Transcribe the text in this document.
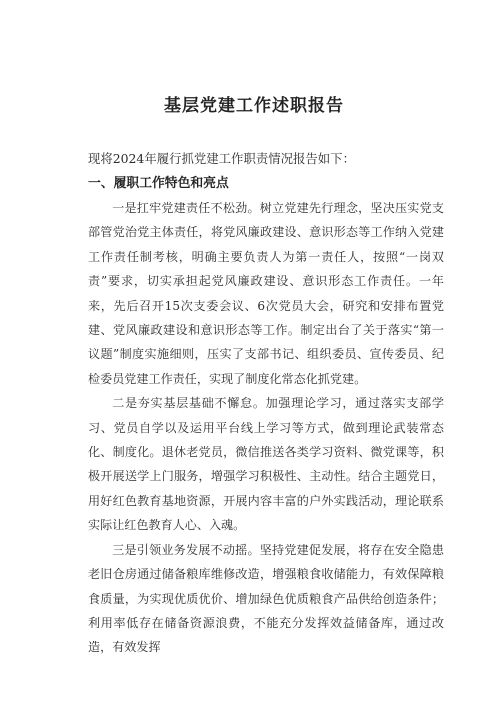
基层党建工作述职报告

现将2024年履行抓党建工作职责情况报告如下：

一、履职工作特色和亮点

一是扛牢党建责任不松劲。树立党建先行理念，坚决压实党支部管党治党主体责任，将党风廉政建设、意识形态等工作纳入党建工作责任制考核，明确主要负责人为第一责任人，按照“一岗双责”要求，切实承担起党风廉政建设、意识形态工作责任。一年来，先后召开15次支委会议、6次党员大会，研究和安排布置党建、党风廉政建设和意识形态等工作。制定出台了关于落实“第一议题”制度实施细则，压实了支部书记、组织委员、宣传委员、纪检委员党建工作责任，实现了制度化常态化抓党建。

二是夯实基层基础不懈怠。加强理论学习，通过落实支部学习、党员自学以及运用平台线上学习等方式，做到理论武装常态化、制度化。退休老党员，微信推送各类学习资料、微党课等，积极开展送学上门服务，增强学习积极性、主动性。结合主题党日，用好红色教育基地资源，开展内容丰富的户外实践活动，理论联系实际让红色教育人心、入魂。

三是引领业务发展不动摇。坚持党建促发展，将存在安全隐患老旧仓房通过储备粮库维修改造，增强粮食收储能力，有效保障粮食质量，为实现优质优价、增加绿色优质粮食产品供给创造条件；利用率低存在储备资源浪费，不能充分发挥效益储备库，通过改造，有效发挥
